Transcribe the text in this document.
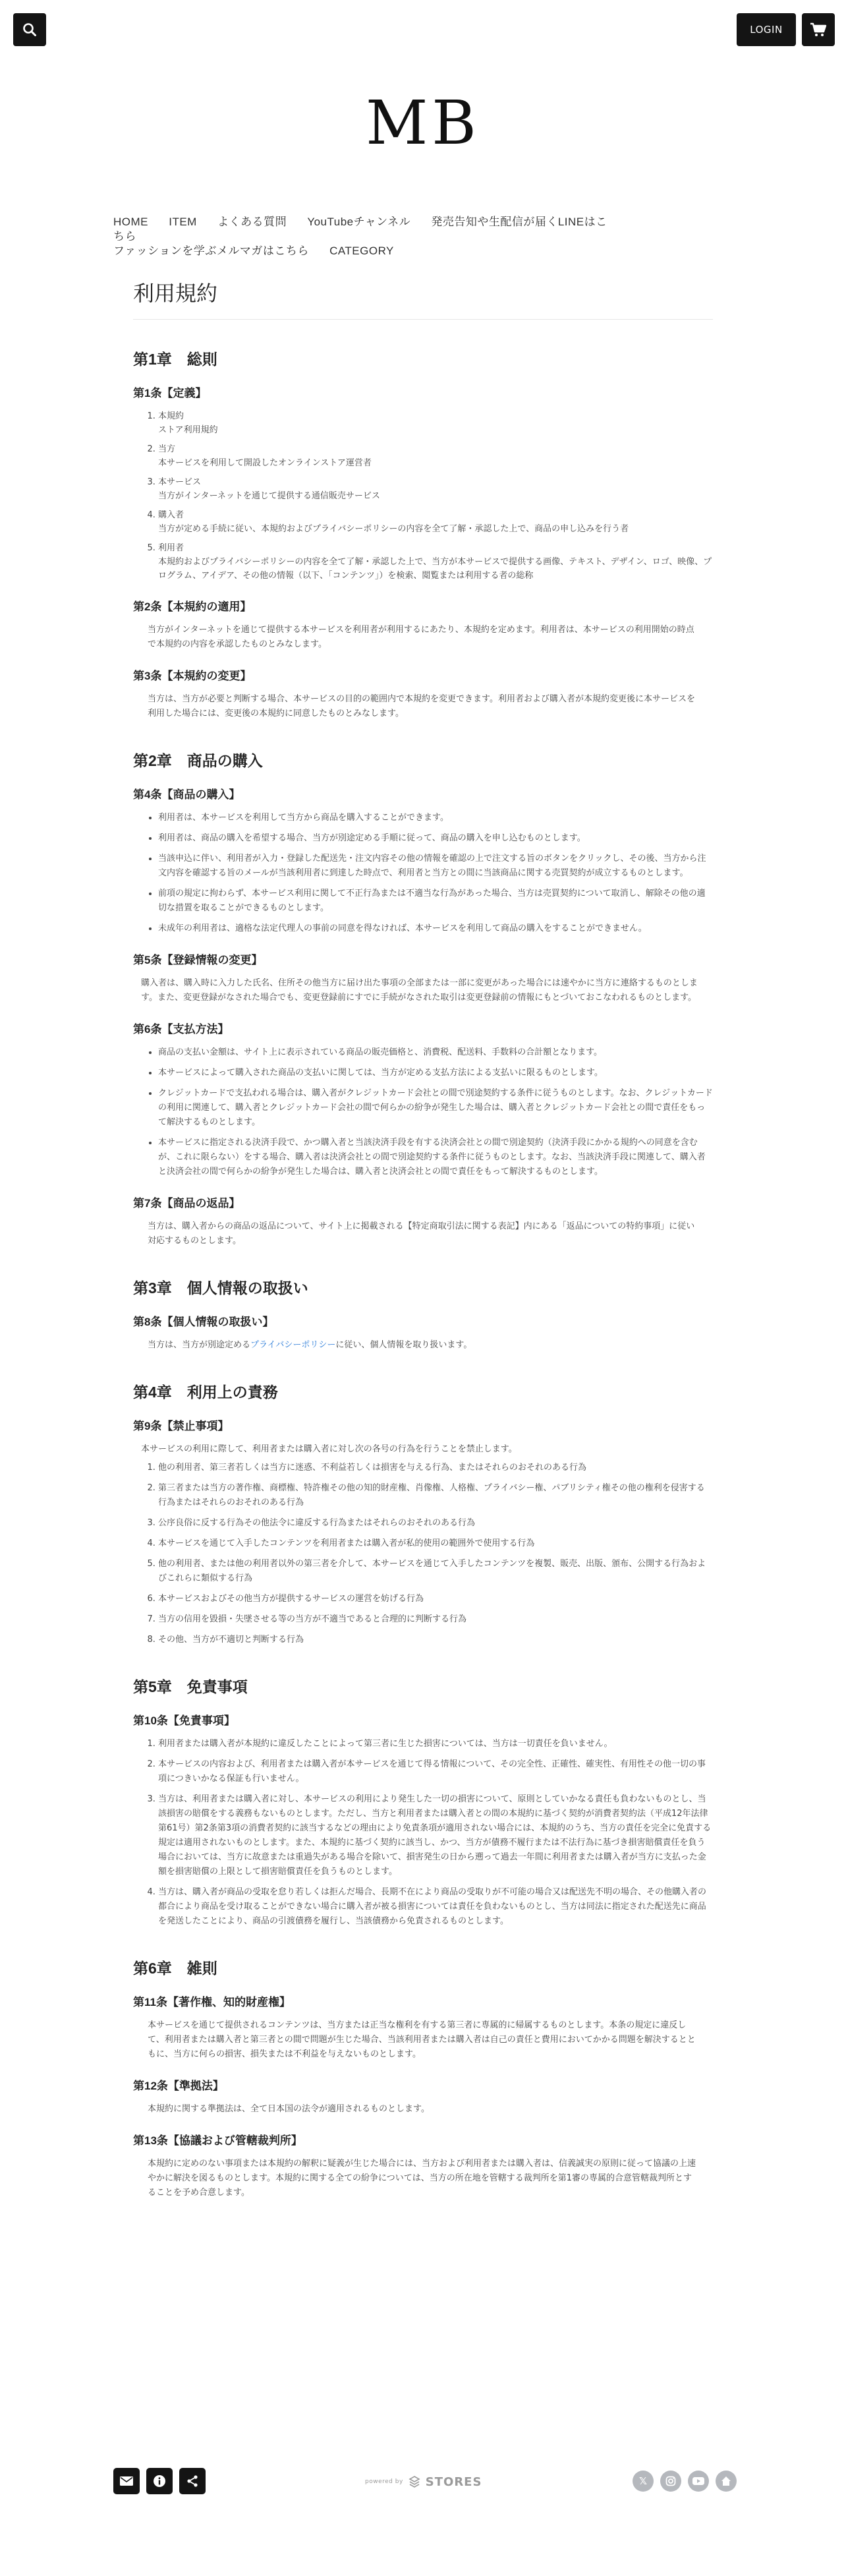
LOGIN
MB
HOME ITEM よくある質問 YouTubeチャンネル 発売告知や生配信が届くLINEはこちら
ファッションを学ぶメルマガはこちら CATEGORY
利用規約
第1章　総則
第1条【定義】
1. 本規約
ストア利用規約
2. 当方
本サービスを利用して開設したオンラインストア運営者
3. 本サービス
当方がインターネットを通じて提供する通信販売サービス
4. 購入者
当方が定める手続に従い、本規約およびプライバシーポリシーの内容を全て了解・承認した上で、商品の申し込みを行う者
5. 利用者
本規約およびプライバシーポリシーの内容を全て了解・承認した上で、当方が本サービスで提供する画像、テキスト、デザイン、ロゴ、映像、プログラム、アイデア、その他の情報（以下、「コンテンツ」）を検索、閲覧または利用する者の総称
第2条【本規約の適用】

当方がインターネットを通じて提供する本サービスを利用者が利用するにあたり、本規約を定めます。利用者は、本サービスの利用開始の時点で本規約の内容を承認したものとみなします。

第3条【本規約の変更】

当方は、当方が必要と判断する場合、本サービスの目的の範囲内で本規約を変更できます。利用者および購入者が本規約変更後に本サービスを利用した場合には、変更後の本規約に同意したものとみなします。

第2章　商品の購入
第4条【商品の購入】
• 利用者は、本サービスを利用して当方から商品を購入することができます。
• 利用者は、商品の購入を希望する場合、当方が別途定める手順に従って、商品の購入を申し込むものとします。
• 当該申込に伴い、利用者が入力・登録した配送先・注文内容その他の情報を確認の上で注文する旨のボタンをクリックし、その後、当方から注文内容を確認する旨のメールが当該利用者に到達した時点で、利用者と当方との間に当該商品に関する売買契約が成立するものとします。
• 前項の規定に拘わらず、本サービス利用に関して不正行為または不適当な行為があった場合、当方は売買契約について取消し、解除その他の適切な措置を取ることができるものとします。
• 未成年の利用者は、適格な法定代理人の事前の同意を得なければ、本サービスを利用して商品の購入をすることができません。
第5条【登録情報の変更】

購入者は、購入時に入力した氏名、住所その他当方に届け出た事項の全部または一部に変更があった場合には速やかに当方に連絡するものとします。また、変更登録がなされた場合でも、変更登録前にすでに手続がなされた取引は変更登録前の情報にもとづいておこなわれるものとします。

第6条【支払方法】
• 商品の支払い金額は、サイト上に表示されている商品の販売価格と、消費税、配送料、手数料の合計額となります。
• 本サービスによって購入された商品の支払いに関しては、当方が定める支払方法による支払いに限るものとします。
• クレジットカードで支払われる場合は、購入者がクレジットカード会社との間で別途契約する条件に従うものとします。なお、クレジットカードの利用に関連して、購入者とクレジットカード会社の間で何らかの紛争が発生した場合は、購入者とクレジットカード会社との間で責任をもって解決するものとします。
• 本サービスに指定される決済手段で、かつ購入者と当該決済手段を有する決済会社との間で別途契約（決済手段にかかる規約への同意を含むが、これに限らない）をする場合、購入者は決済会社との間で別途契約する条件に従うものとします。なお、当該決済手段に関連して、購入者と決済会社の間で何らかの紛争が発生した場合は、購入者と決済会社との間で責任をもって解決するものとします。
第7条【商品の返品】

当方は、購入者からの商品の返品について、サイト上に掲載される【特定商取引法に関する表記】内にある「返品についての特約事項」に従い対応するものとします。

第3章　個人情報の取扱い
第8条【個人情報の取扱い】

当方は、当方が別途定めるプライバシーポリシーに従い、個人情報を取り扱います。

第4章　利用上の責務
第9条【禁止事項】

本サービスの利用に際して、利用者または購入者に対し次の各号の行為を行うことを禁止します。

1. 他の利用者、第三者若しくは当方に迷惑、不利益若しくは損害を与える行為、またはそれらのおそれのある行為
2. 第三者または当方の著作権、商標権、特許権その他の知的財産権、肖像権、人格権、プライバシー権、パブリシティ権その他の権利を侵害する行為またはそれらのおそれのある行為
3. 公序良俗に反する行為その他法令に違反する行為またはそれらのおそれのある行為
4. 本サービスを通じて入手したコンテンツを利用者または購入者が私的使用の範囲外で使用する行為
5. 他の利用者、または他の利用者以外の第三者を介して、本サービスを通じて入手したコンテンツを複製、販売、出版、頒布、公開する行為およびこれらに類似する行為
6. 本サービスおよびその他当方が提供するサービスの運営を妨げる行為
7. 当方の信用を毀損・失墜させる等の当方が不適当であると合理的に判断する行為
8. その他、当方が不適切と判断する行為
第5章　免責事項
第10条【免責事項】
1. 利用者または購入者が本規約に違反したことによって第三者に生じた損害については、当方は一切責任を負いません。
2. 本サービスの内容および、利用者または購入者が本サービスを通じて得る情報について、その完全性、正確性、確実性、有用性その他一切の事項につきいかなる保証も行いません。
3. 当方は、利用者または購入者に対し、本サービスの利用により発生した一切の損害について、原則としていかなる責任も負わないものとし、当該損害の賠償をする義務もないものとします。ただし、当方と利用者または購入者との間の本規約に基づく契約が消費者契約法（平成12年法律第61号）第2条第3項の消費者契約に該当するなどの理由により免責条項が適用されない場合には、本規約のうち、当方の責任を完全に免責する規定は適用されないものとします。また、本規約に基づく契約に該当し、かつ、当方が債務不履行または不法行為に基づき損害賠償責任を負う場合においては、当方に故意または重過失がある場合を除いて、損害発生の日から遡って過去一年間に利用者または購入者が当方に支払った金額を損害賠償の上限として損害賠償責任を負うものとします。
4. 当方は、購入者が商品の受取を怠り若しくは拒んだ場合、長期不在により商品の受取りが不可能の場合又は配送先不明の場合、その他購入者の都合により商品を受け取ることができない場合に購入者が被る損害については責任を負わないものとし、当方は同法に指定された配送先に商品を発送したことにより、商品の引渡債務を履行し、当該債務から免責されるものとします。
第6章　雑則
第11条【著作権、知的財産権】

本サービスを通じて提供されるコンテンツは、当方または正当な権利を有する第三者に専属的に帰属するものとします。本条の規定に違反して、利用者または購入者と第三者との間で問題が生じた場合、当該利用者または購入者は自己の責任と費用においてかかる問題を解決するとともに、当方に何らの損害、損失または不利益を与えないものとします。

第12条【準拠法】

本規約に関する準拠法は、全て日本国の法令が適用されるものとします。

第13条【協議および管轄裁判所】

本規約に定めのない事項または本規約の解釈に疑義が生じた場合には、当方および利用者または購入者は、信義誠実の原則に従って協議の上速やかに解決を図るものとします。本規約に関する全ての紛争については、当方の所在地を管轄する裁判所を第1審の専属的合意管轄裁判所とすることを予め合意します。

powered by STORES	𝕏
